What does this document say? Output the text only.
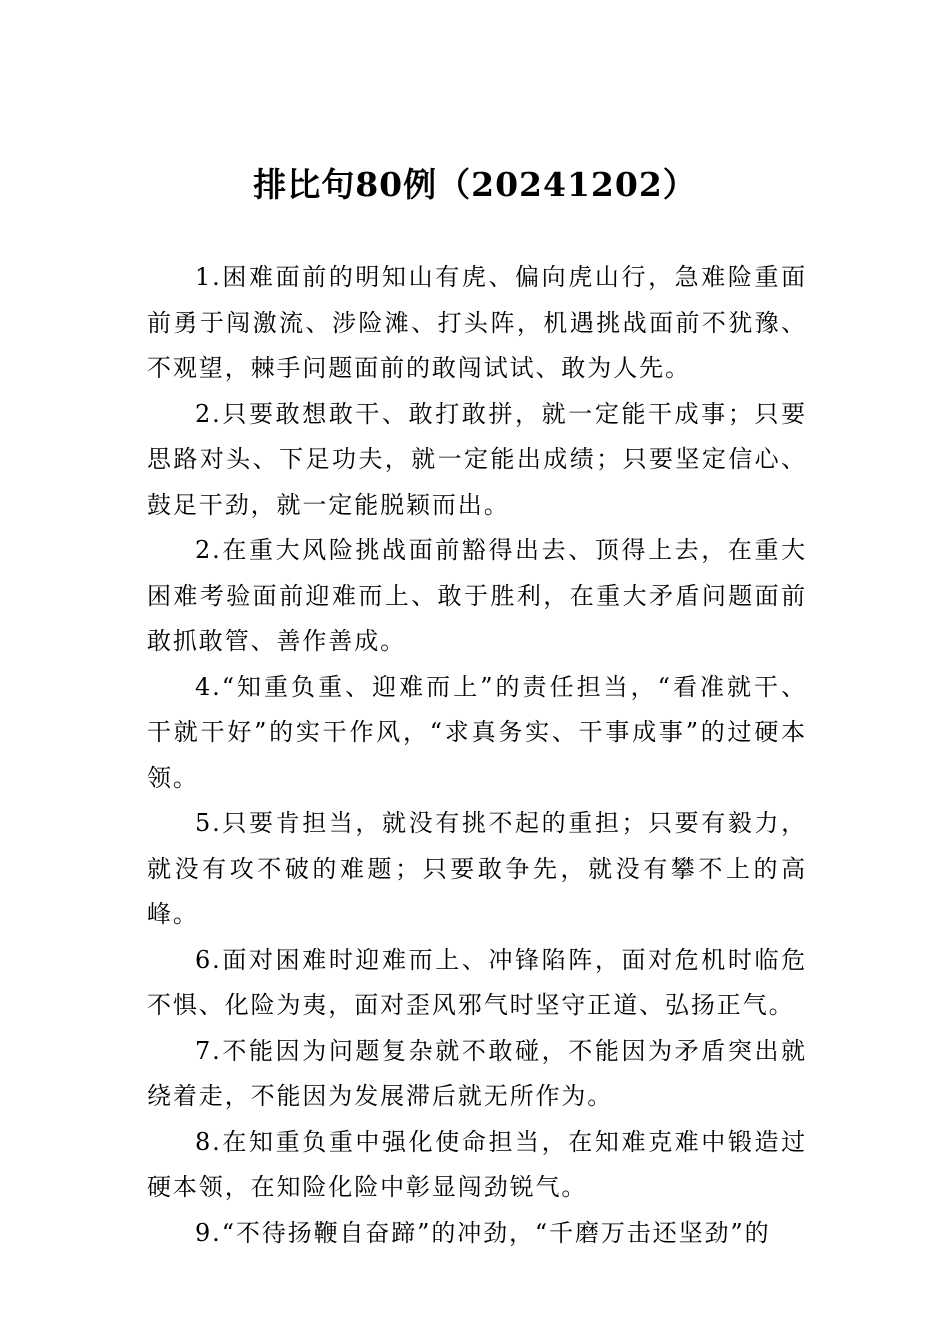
排比句80例（20241202）

1.困难面前的明知山有虎、偏向虎山行，急难险重面前勇于闯激流、涉险滩、打头阵，机遇挑战面前不犹豫、不观望，棘手问题面前的敢闯试试、敢为人先。

2.只要敢想敢干、敢打敢拼，就一定能干成事；只要思路对头、下足功夫，就一定能出成绩；只要坚定信心、鼓足干劲，就一定能脱颖而出。

2.在重大风险挑战面前豁得出去、顶得上去，在重大困难考验面前迎难而上、敢于胜利，在重大矛盾问题面前敢抓敢管、善作善成。

4.“知重负重、迎难而上”的责任担当，“看准就干、干就干好”的实干作风，“求真务实、干事成事”的过硬本领。

5.只要肯担当，就没有挑不起的重担；只要有毅力，就没有攻不破的难题；只要敢争先，就没有攀不上的高峰。

6.面对困难时迎难而上、冲锋陷阵，面对危机时临危不惧、化险为夷，面对歪风邪气时坚守正道、弘扬正气。

7.不能因为问题复杂就不敢碰，不能因为矛盾突出就绕着走，不能因为发展滞后就无所作为。

8.在知重负重中强化使命担当，在知难克难中锻造过硬本领，在知险化险中彰显闯劲锐气。

9.“不待扬鞭自奋蹄”的冲劲，“千磨万击还坚劲”的
